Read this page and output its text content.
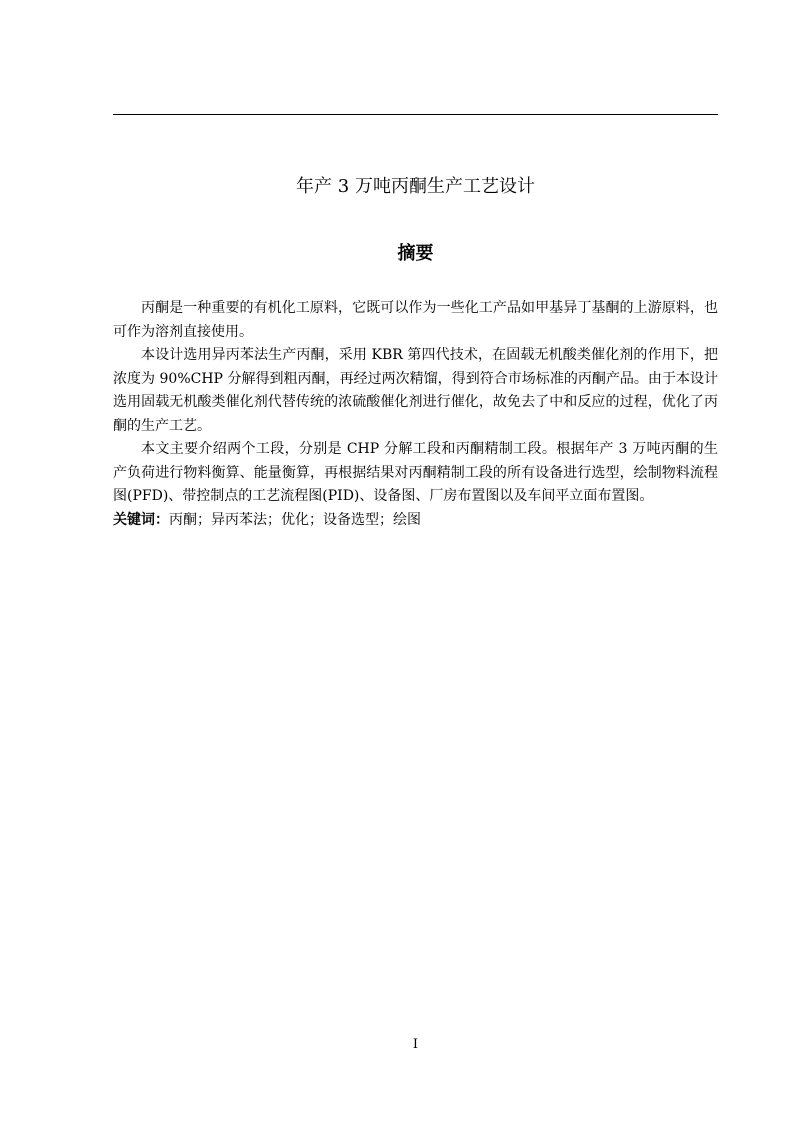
年产 3 万吨丙酮生产工艺设计
摘要

丙酮是一种重要的有机化工原料，它既可以作为一些化工产品如甲基异丁基酮的上游原料，也可作为溶剂直接使用。

本设计选用异丙苯法生产丙酮，采用 KBR 第四代技术，在固载无机酸类催化剂的作用下，把浓度为 90%CHP 分解得到粗丙酮，再经过两次精馏，得到符合市场标准的丙酮产品。由于本设计选用固载无机酸类催化剂代替传统的浓硫酸催化剂进行催化，故免去了中和反应的过程，优化了丙酮的生产工艺。

本文主要介绍两个工段，分别是 CHP 分解工段和丙酮精制工段。根据年产 3 万吨丙酮的生产负荷进行物料衡算、能量衡算，再根据结果对丙酮精制工段的所有设备进行选型，绘制物料流程图(PFD)、带控制点的工艺流程图(PID)、设备图、厂房布置图以及车间平立面布置图。

关键词：丙酮；异丙苯法；优化；设备选型；绘图

I
